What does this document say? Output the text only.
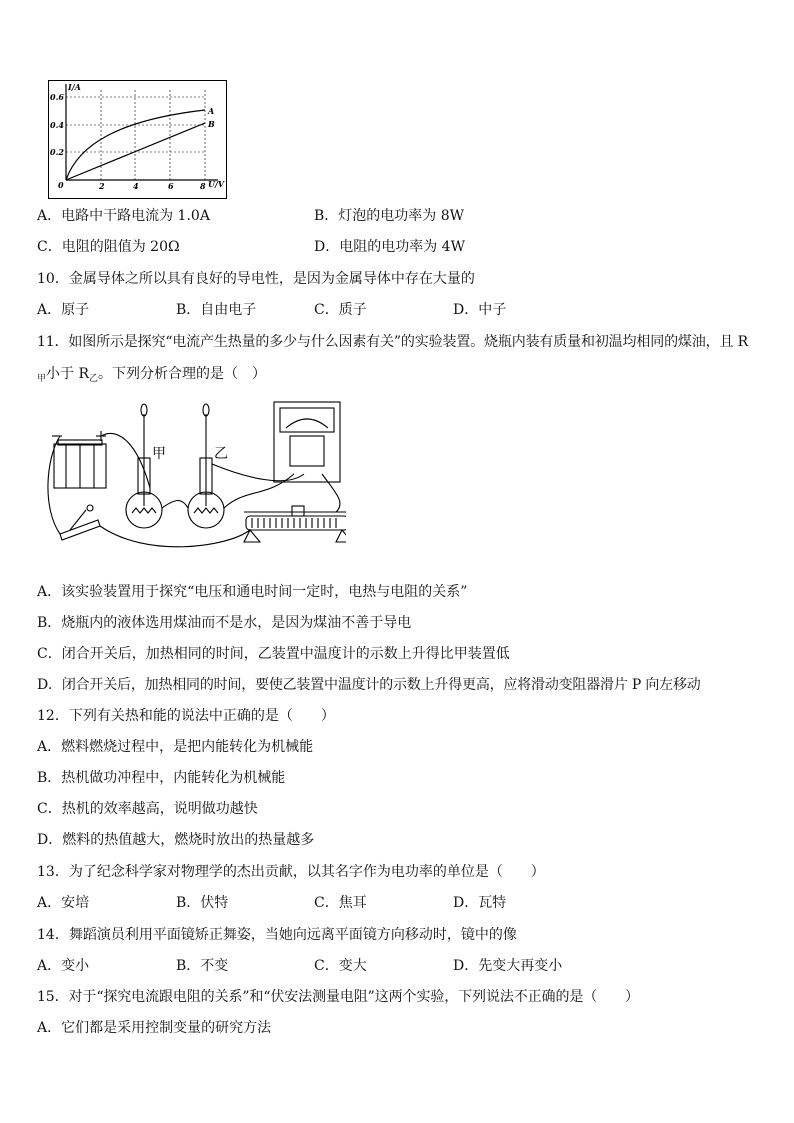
I/A
U/V
0.6
0.4
0.2
0	2	4	6	8
A
B
A．电路中干路电流为 1.0A	B．灯泡的电功率为 8W
C．电阻的阻值为 20Ω	D．电阻的电功率为 4W
10．金属导体之所以具有良好的导电性，是因为金属导体中存在大量的
A．原子	B．自由电子	C．质子	D．中子
11．如图所示是探究“电流产生热量的多少与什么因素有关”的实验装置。烧瓶内装有质量和初温均相同的煤油，且 R
$_甲$小于 $R_乙$。下列分析合理的是（　）
甲	乙
A．该实验装置用于探究“电压和通电时间一定时，电热与电阻的关系”
B．烧瓶内的液体选用煤油而不是水，是因为煤油不善于导电
C．闭合开关后，加热相同的时间，乙装置中温度计的示数上升得比甲装置低
D．闭合开关后，加热相同的时间，要使乙装置中温度计的示数上升得更高，应将滑动变阻器滑片 P 向左移动
12．下列有关热和能的说法中正确的是（　　）
A．燃料燃烧过程中，是把内能转化为机械能
B．热机做功冲程中，内能转化为机械能
C．热机的效率越高，说明做功越快
D．燃料的热值越大，燃烧时放出的热量越多
13．为了纪念科学家对物理学的杰出贡献，以其名字作为电功率的单位是（　　）
A．安培	B．伏特	C．焦耳	D．瓦特
14．舞蹈演员利用平面镜矫正舞姿，当她向远离平面镜方向移动时，镜中的像
A．变小	B．不变	C．变大	D．先变大再变小
15．对于“探究电流跟电阻的关系”和“伏安法测量电阻”这两个实验，下列说法不正确的是（　　）
A．它们都是采用控制变量的研究方法
